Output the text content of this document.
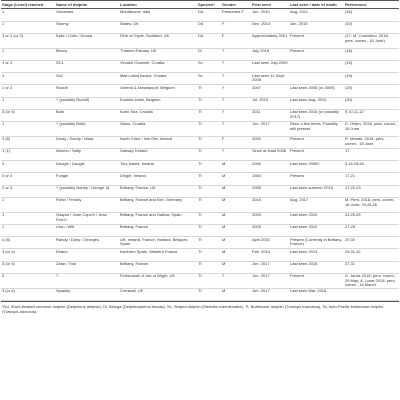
Stage (Level) reached	Name of dolphin	Location	Species*	Gender	First seen	Last seen / date of death	References
1	Unnamed	Monfalcone, Italy	Dd	Presumed F	Jun. 2010	Aug. 2011	(16)
1	Stormy	Wales, UK	Dd	F	Dec. 2014	Jan. 2015	(10)
3 or 4 (or 3)	Kylie / Colin / Donna	Firth of Clyde, Scotland, UK	Dd	F	Approximately 2001	Present	(17; M. Cosentino, 2018, pers. comm., 18 June)
1	Benny	Thames Estuary, UK	Dl	?	July 2018	Present	(18)
1 or 2	SC1	Vinodol Channel, Croatia	Sc	?	Last seen July 2009		(19)
1	Sc2	Mali Lošinj harbor, Croatia	Sc	?	Last seen 11 Sept. 2008		(19)
1 or 2	Rudolf	Ostend & Nieuwpoort, Belgium	Tt	?	2007	Last seen 2008 (or 2009)	(20)
1	? (possibly Rudolf)	Knokke-Heist, Belgium	Tt	?	Jul. 2010	Last seen Aug. 2010	(20)
3 (or 4)	Bobi	Karin Sea, Croatia	Tt	?	2011	Last seen 2016 (or possibly 2017)	9,10,11,12
1	? (possibly Bobi)	Slano, Croatia	Tt	?	Jun. 2017	Seen a few times. Possibly still present	D. Orljen, 2018, pers. comm., 18 June
4 (5)	Dusty / Sandy / Mara	North Clare / Inis Oirr, Ireland	Tt	F	2000	Present	R. Meade, 2018, pers. comm., 18 June
1 (1)	Nimmo / Salty	Galway, Ireland	Tt	?	Since at least 2006	Present	17
2	Doogie / Dougie	Tory Island, Ireland	Tt	M	2006	Last seen 2008?	5,16,18,64
3 or 4	Fungie	Dingle, Ireland	Tt	M	1983	Present	17,21
2 or 3	? (possibly Nobby / George II)	Brittany, France, UK	Tt	M	2008	Last seen summer 2015	17,22,23
1	Flelle / Freddy	Brittany, France and Kiel, Germany	Tt	M	2016	Aug. 2017	M. Perri, 2018, pers. comm., 16 June; 24,25,26
1	Gaspar / Jean Copo'h / Jean Floc'h	Brittany, France and Galicia, Spain	Tt	M	2003	Last seen 2010	24,25,26
1	Lilou / Will	Brittany, France	Tt	M	2005	Last seen 2012	27,28
4 (5)	Randy / Dony / Georges	UK, Ireland, France, Holland, Belgium, Spain	Tt	M	April 2001	Present (Currently in Brittany, France)	29,30
3 (or 4)	Ebano	Northern Spain, Western France	Tt	M	Feb. 2013	Last seen 2013	29,31,32
3 (or 4)	Zafar / Toto	Brittany, France	Tt	M	Jun. 2017	Last seen 2018	27,31
0	?	Portsmouth & Isle of Wight, UK	Tt	?	Jun. 2017	Present	D. Jarvis 2018, pers. comm., 29 May; A. Lowe 2018, pers. comm., 16 March
3 (or 4)	Splashy	Cornwall, UK	Tt	M	Jun. 2017	Last seen Mar. 2018	
*Dd, Short-beaked common dolphin (Delphinus delphis); Dl, Beluga (Delphinapterus leucas); Sc, Striped dolphin (Stenella coeruleoalba); Tt, Bottlenose dolphin (Tursiops truncatus); Ta, Indo-Pacific bottlenose dolphin (Tursiops aduncus).
